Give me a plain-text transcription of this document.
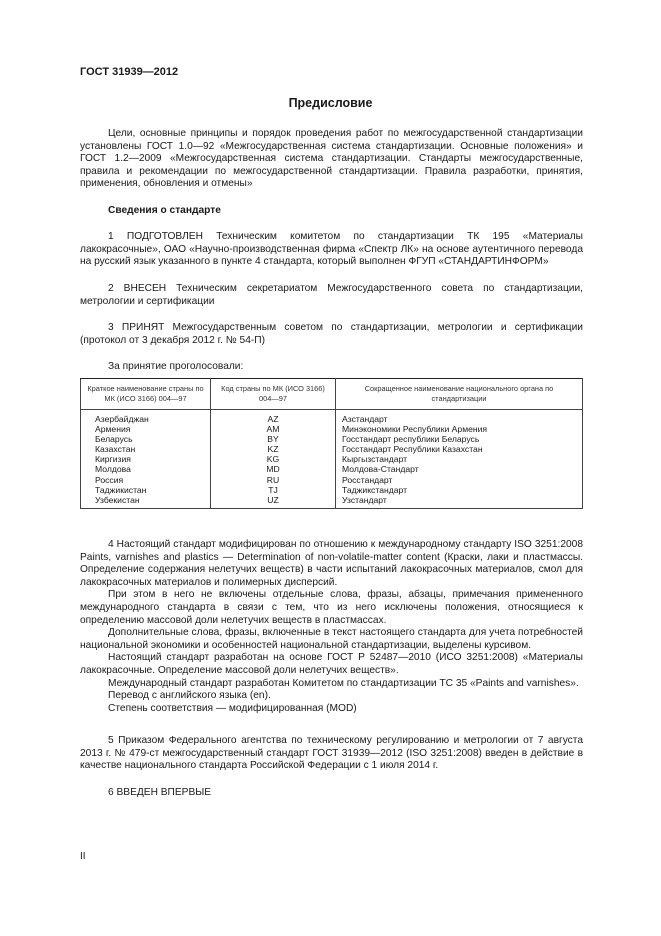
ГОСТ 31939—2012
Предисловие

Цели, основные принципы и порядок проведения работ по межгосударственной стандартизации установлены ГОСТ 1.0—92 «Межгосударственная система стандартизации. Основные положения» и ГОСТ 1.2—2009 «Межгосударственная система стандартизации. Стандарты межгосударственные, правила и рекомендации по межгосударственной стандартизации. Правила разработки, принятия, применения, обновления и отмены»

Сведения о стандарте

1 ПОДГОТОВЛЕН Техническим комитетом по стандартизации ТК 195 «Материалы лакокрасочные», ОАО «Научно-производственная фирма «Спектр ЛК» на основе аутентичного перевода на русский язык указанного в пункте 4 стандарта, который выполнен ФГУП «СТАНДАРТИНФОРМ»

2 ВНЕСЕН Техническим секретариатом Межгосударственного совета по стандартизации, метрологии и сертификации

3 ПРИНЯТ Межгосударственным советом по стандартизации, метрологии и сертификации (протокол от 3 декабря 2012 г. № 54-П)

За принятие проголосовали:

Краткое наименование страны по МК (ИСО 3166) 004—97	Код страны по МК (ИСО 3166) 004—97	Сокращенное наименование национального органа по стандартизации
Азербайджан	AZ	Азстандарт
Армения	AM	Минэкономики Республики Армения
Беларусь	BY	Госстандарт республики Беларусь
Казахстан	KZ	Госстандарт Республики Казахстан
Киргизия	KG	Кыргызстандарт
Молдова	MD	Молдова-Стандарт
Россия	RU	Росстандарт
Таджикистан	TJ	Таджикстандарт
Узбекистан	UZ	Узстандарт

4 Настоящий стандарт модифицирован по отношению к международному стандарту ISO 3251:2008 Paints, varnishes and plastics — Determination of non-volatile-matter content (Краски, лаки и пластмассы. Определение содержания нелетучих веществ) в части испытаний лакокрасочных материалов, смол для лакокрасочных материалов и полимерных дисперсий.

При этом в него не включены отдельные слова, фразы, абзацы, примечания примененного международного стандарта в связи с тем, что из него исключены положения, относящиеся к определению массовой доли нелетучих веществ в пластмассах.

Дополнительные слова, фразы, включенные в текст настоящего стандарта для учета потребностей национальной экономики и особенностей национальной стандартизации, выделены курсивом.

Настоящий стандарт разработан на основе ГОСТ Р 52487—2010 (ИСО 3251:2008) «Материалы лакокрасочные. Определение массовой доли нелетучих веществ».

Международный стандарт разработан Комитетом по стандартизации ТС 35 «Paints and varnishes».

Перевод с английского языка (en).

Степень соответствия — модифицированная (MOD)

5 Приказом Федерального агентства по техническому регулированию и метрологии от 7 августа 2013 г. № 479-ст межгосударственный стандарт ГОСТ 31939—2012 (ISO 3251:2008) введен в действие в качестве национального стандарта Российской Федерации с 1 июля 2014 г.

6 ВВЕДЕН ВПЕРВЫЕ

II
